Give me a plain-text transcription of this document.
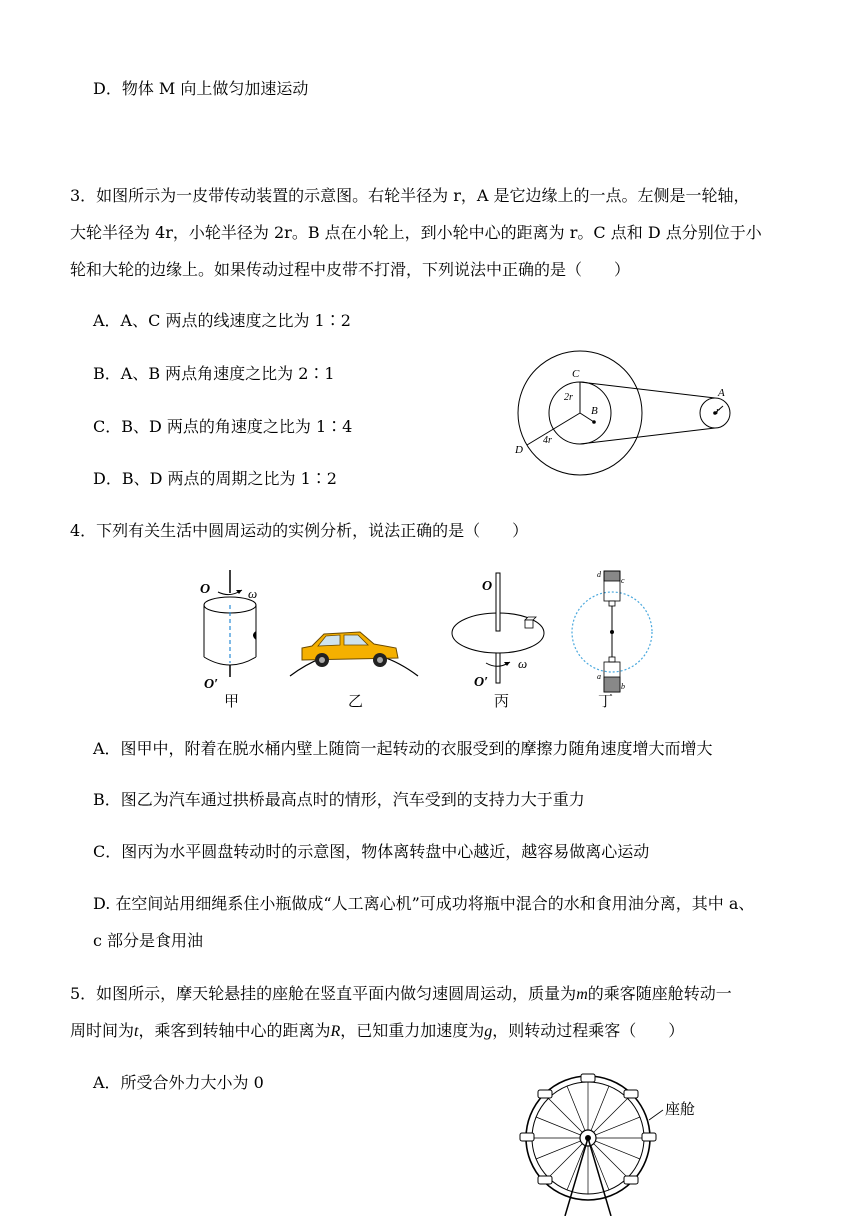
D．物体 M 向上做匀加速运动
3．如图所示为一皮带传动装置的示意图。右轮半径为 r，A 是它边缘上的一点。左侧是一轮轴，
大轮半径为 4r，小轮半径为 2r。B 点在小轮上，到小轮中心的距离为 r。C 点和 D 点分别位于小
轮和大轮的边缘上。如果传动过程中皮带不打滑，下列说法中正确的是（　　）
A．A、C 两点的线速度之比为 1∶2
B．A、B 两点角速度之比为 2∶1
C．B、D 两点的角速度之比为 1∶4
D．B、D 两点的周期之比为 1∶2
C
2r
B
4r
D
A
r
4．下列有关生活中圆周运动的实例分析，说法正确的是（　　）
O	ω
O′
甲	乙
O
ω
O′
丙
d
c
a
b
丁
A．图甲中，附着在脱水桶内壁上随筒一起转动的衣服受到的摩擦力随角速度增大而增大
B．图乙为汽车通过拱桥最高点时的情形，汽车受到的支持力大于重力
C．图丙为水平圆盘转动时的示意图，物体离转盘中心越近，越容易做离心运动
D. 在空间站用细绳系住小瓶做成“人工离心机”可成功将瓶中混合的水和食用油分离，其中 a、
c 部分是食用油
5．如图所示，摩天轮悬挂的座舱在竖直平面内做匀速圆周运动，质量为m的乘客随座舱转动一
周时间为t，乘客到转轴中心的距离为R，已知重力加速度为g，则转动过程乘客（　　）
A．所受合外力大小为 0
座舱
